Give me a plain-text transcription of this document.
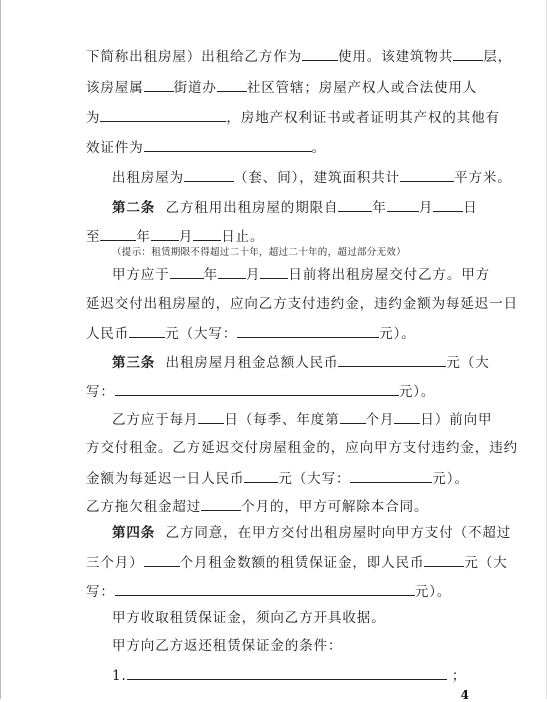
下简称出租房屋）出租给乙方作为	使用。该建筑物共 层，
该房屋属 街道办 社区管辖；房屋产权人或合法使用人
为	，房地产权利证书或者证明其产权的其他有
效证件为	。
出租房屋为	（套、间），建筑面积共计	平方米。
第二条 乙方租用出租房屋的期限自	年 月 日
至	年 月 日止。
（提示：租赁期限不得超过二十年，超过二十年的，超过部分无效）
甲方应于	年 月 日前将出租房屋交付乙方。甲方
延迟交付出租房屋的，应向乙方支付违约金，违约金额为每延迟一日
人民币	元（大写：	元）。
第三条 出租房屋月租金总额人民币	元（大
写：	元）。
乙方应于每月 日（每季、年度第 个月 日）前向甲
方交付租金。乙方延迟交付房屋租金的，应向甲方支付违约金，违约
金额为每延迟一日人民币	元（大写：	元）。
乙方拖欠租金超过	个月的，甲方可解除本合同。
第四条 乙方同意，在甲方交付出租房屋时向甲方支付（不超过
三个月）	个月租金数额的租赁保证金，即人民币	元（大
写：	元）。
甲方收取租赁保证金，须向乙方开具收据。
甲方向乙方返还租赁保证金的条件：
1.	；
4
